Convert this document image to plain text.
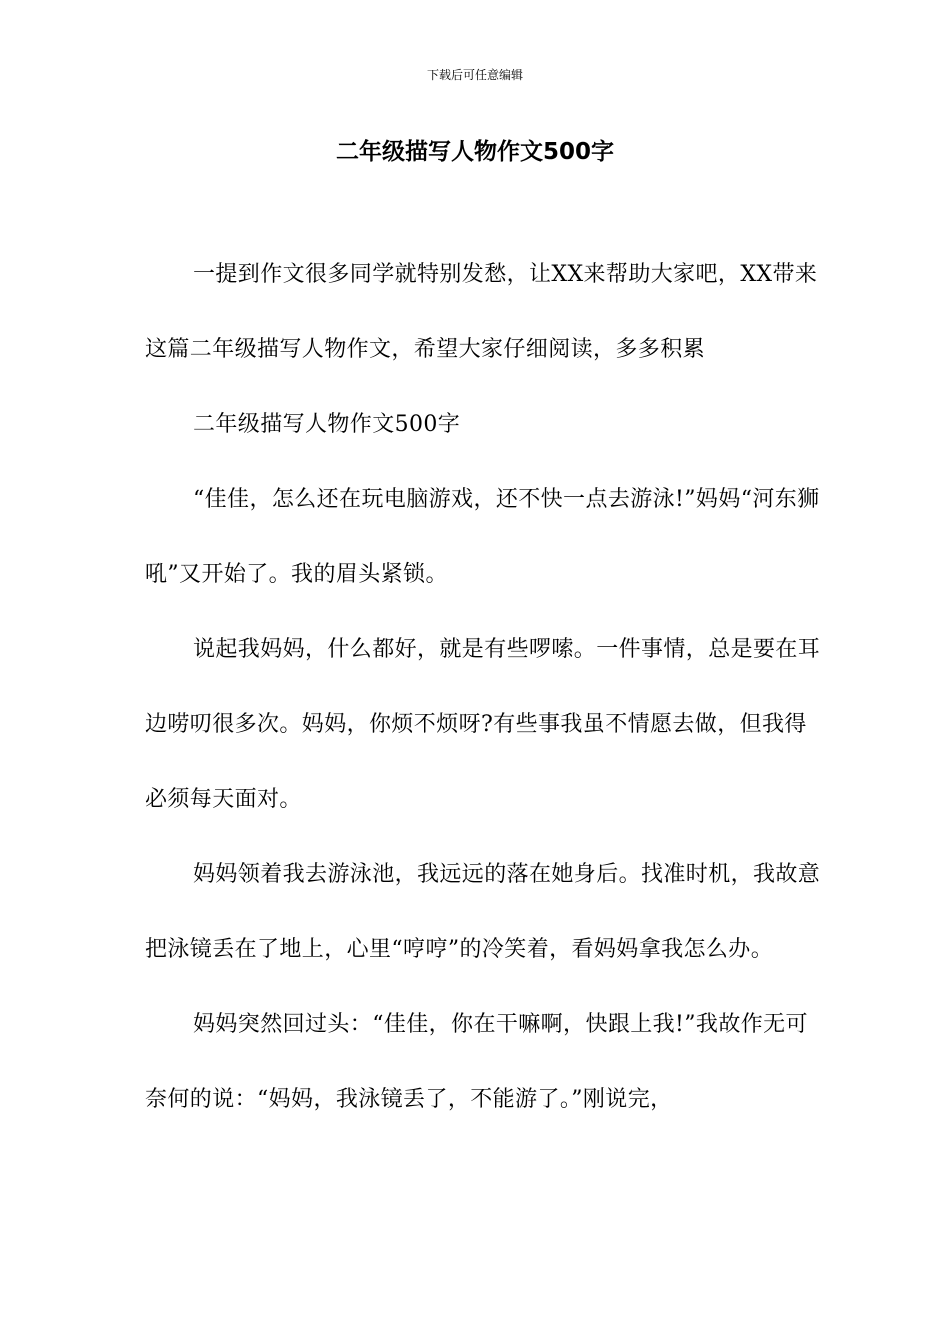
下载后可任意编辑
二年级描写人物作文500字

一提到作文很多同学就特别发愁，让XX来帮助大家吧，XX带来这篇二年级描写人物作文，希望大家仔细阅读，多多积累

二年级描写人物作文500字

“佳佳，怎么还在玩电脑游戏，还不快一点去游泳!”妈妈“河东狮吼”又开始了。我的眉头紧锁。

说起我妈妈，什么都好，就是有些啰嗦。一件事情，总是要在耳边唠叨很多次。妈妈，你烦不烦呀?有些事我虽不情愿去做，但我得必须每天面对。

妈妈领着我去游泳池，我远远的落在她身后。找准时机，我故意把泳镜丢在了地上，心里“哼哼”的冷笑着，看妈妈拿我怎么办。

妈妈突然回过头：“佳佳，你在干嘛啊，快跟上我!”我故作无可奈何的说：“妈妈，我泳镜丢了，不能游了。”刚说完，
